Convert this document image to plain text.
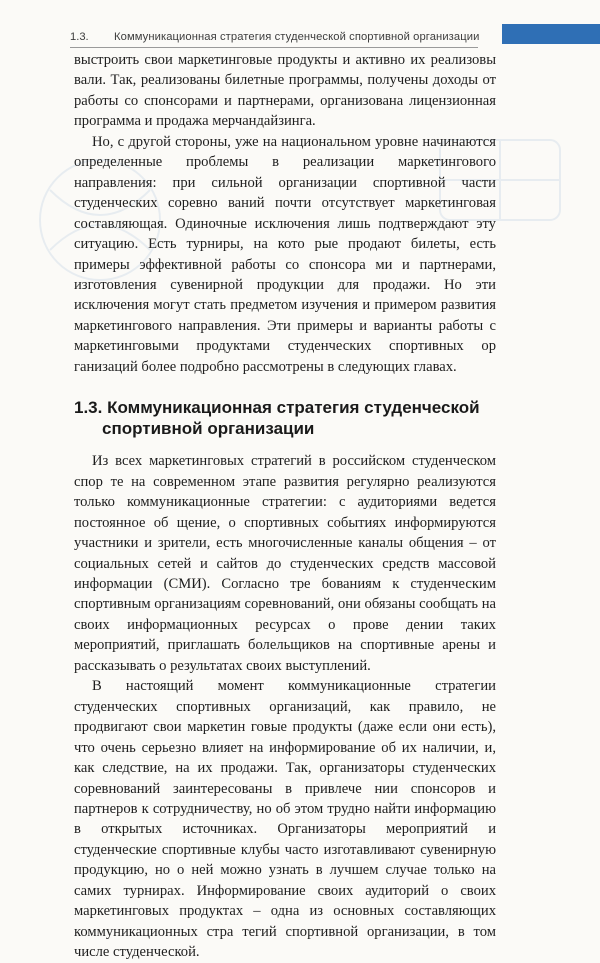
1.3. Коммуникационная стратегия студенческой спортивной организации

выстроить свои маркетинговые продукты и активно их реализовы вали. Так, реализованы билетные программы, получены доходы от работы со спонсорами и партнерами, организована лицензионная программа и продажа мерчандайзинга.

Но, с другой стороны, уже на национальном уровне начинаются определенные проблемы в реализации маркетингового направления: при сильной организации спортивной части студенческих соревно ваний почти отсутствует маркетинговая составляющая. Одиночные исключения лишь подтверждают эту ситуацию. Есть турниры, на кото рые продают билеты, есть примеры эффективной работы со спонсора ми и партнерами, изготовления сувенирной продукции для продажи. Но эти исключения могут стать предметом изучения и примером развития маркетингового направления. Эти примеры и варианты работы с маркетинговыми продуктами студенческих спортивных ор ганизаций более подробно рассмотрены в следующих главах.

1.3. Коммуникационная стратегия студенческой
спортивной организации

Из всех маркетинговых стратегий в российском студенческом спор те на современном этапе развития регулярно реализуются только коммуникационные стратегии: с аудиториями ведется постоянное об щение, о спортивных событиях информируются участники и зрители, есть многочисленные каналы общения – от социальных сетей и сайтов до студенческих средств массовой информации (СМИ). Согласно тре бованиям к студенческим спортивным организациям соревнований, они обязаны сообщать на своих информационных ресурсах о прове дении таких мероприятий, приглашать болельщиков на спортивные арены и рассказывать о результатах своих выступлений.

В настоящий момент коммуникационные стратегии студенческих спортивных организаций, как правило, не продвигают свои маркетин говые продукты (даже если они есть), что очень серьезно влияет на информирование об их наличии, и, как следствие, на их продажи. Так, организаторы студенческих соревнований заинтересованы в привлече нии спонсоров и партнеров к сотрудничеству, но об этом трудно найти информацию в открытых источниках. Организаторы мероприятий и студенческие спортивные клубы часто изготавливают сувенирную продукцию, но о ней можно узнать в лучшем случае только на самих турнирах. Информирование своих аудиторий о своих маркетинговых продуктах – одна из основных составляющих коммуникационных стра тегий спортивной организации, в том числе студенческой.
